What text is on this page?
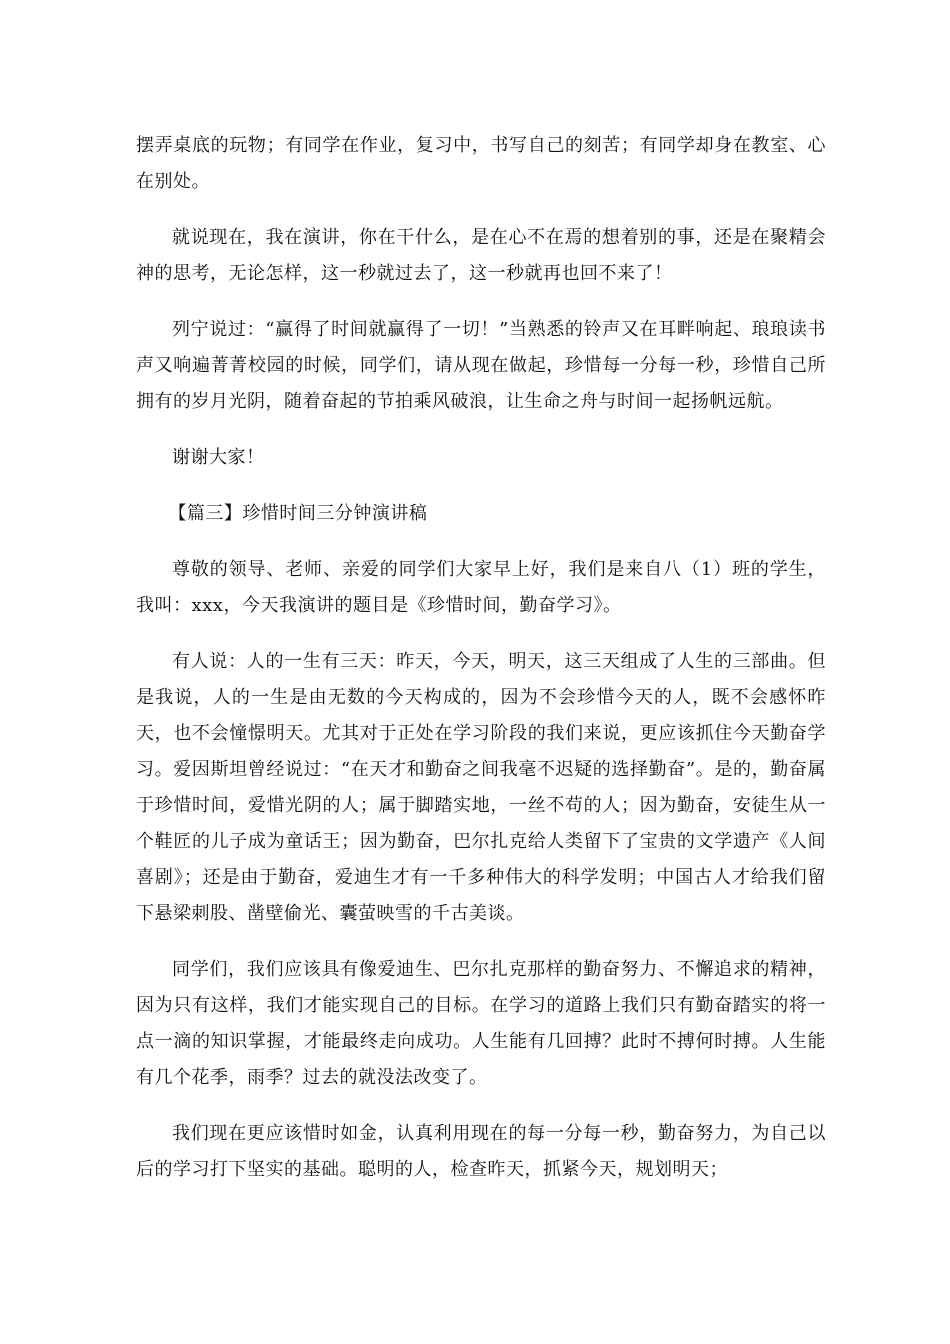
摆弄桌底的玩物；有同学在作业，复习中，书写自己的刻苦；有同学却身在教室、心在别处。

就说现在，我在演讲，你在干什么，是在心不在焉的想着别的事，还是在聚精会神的思考，无论怎样，这一秒就过去了，这一秒就再也回不来了！

列宁说过：“赢得了时间就赢得了一切！”当熟悉的铃声又在耳畔响起、琅琅读书声又响遍菁菁校园的时候，同学们，请从现在做起，珍惜每一分每一秒，珍惜自己所拥有的岁月光阴，随着奋起的节拍乘风破浪，让生命之舟与时间一起扬帆远航。

谢谢大家！

【篇三】珍惜时间三分钟演讲稿

尊敬的领导、老师、亲爱的同学们大家早上好，我们是来自八（1）班的学生，我叫：xxx，今天我演讲的题目是《珍惜时间，勤奋学习》。

有人说：人的一生有三天：昨天，今天，明天，这三天组成了人生的三部曲。但是我说，人的一生是由无数的今天构成的，因为不会珍惜今天的人，既不会感怀昨天，也不会憧憬明天。尤其对于正处在学习阶段的我们来说，更应该抓住今天勤奋学习。爱因斯坦曾经说过：“在天才和勤奋之间我毫不迟疑的选择勤奋”。是的，勤奋属于珍惜时间，爱惜光阴的人；属于脚踏实地，一丝不苟的人；因为勤奋，安徒生从一个鞋匠的儿子成为童话王；因为勤奋，巴尔扎克给人类留下了宝贵的文学遗产《人间喜剧》；还是由于勤奋，爱迪生才有一千多种伟大的科学发明；中国古人才给我们留下悬梁刺股、凿壁偷光、囊萤映雪的千古美谈。

同学们，我们应该具有像爱迪生、巴尔扎克那样的勤奋努力、不懈追求的精神，因为只有这样，我们才能实现自己的目标。在学习的道路上我们只有勤奋踏实的将一点一滴的知识掌握，才能最终走向成功。人生能有几回搏？此时不搏何时搏。人生能有几个花季，雨季？过去的就没法改变了。

我们现在更应该惜时如金，认真利用现在的每一分每一秒，勤奋努力，为自己以后的学习打下坚实的基础。聪明的人，检查昨天，抓紧今天，规划明天；
